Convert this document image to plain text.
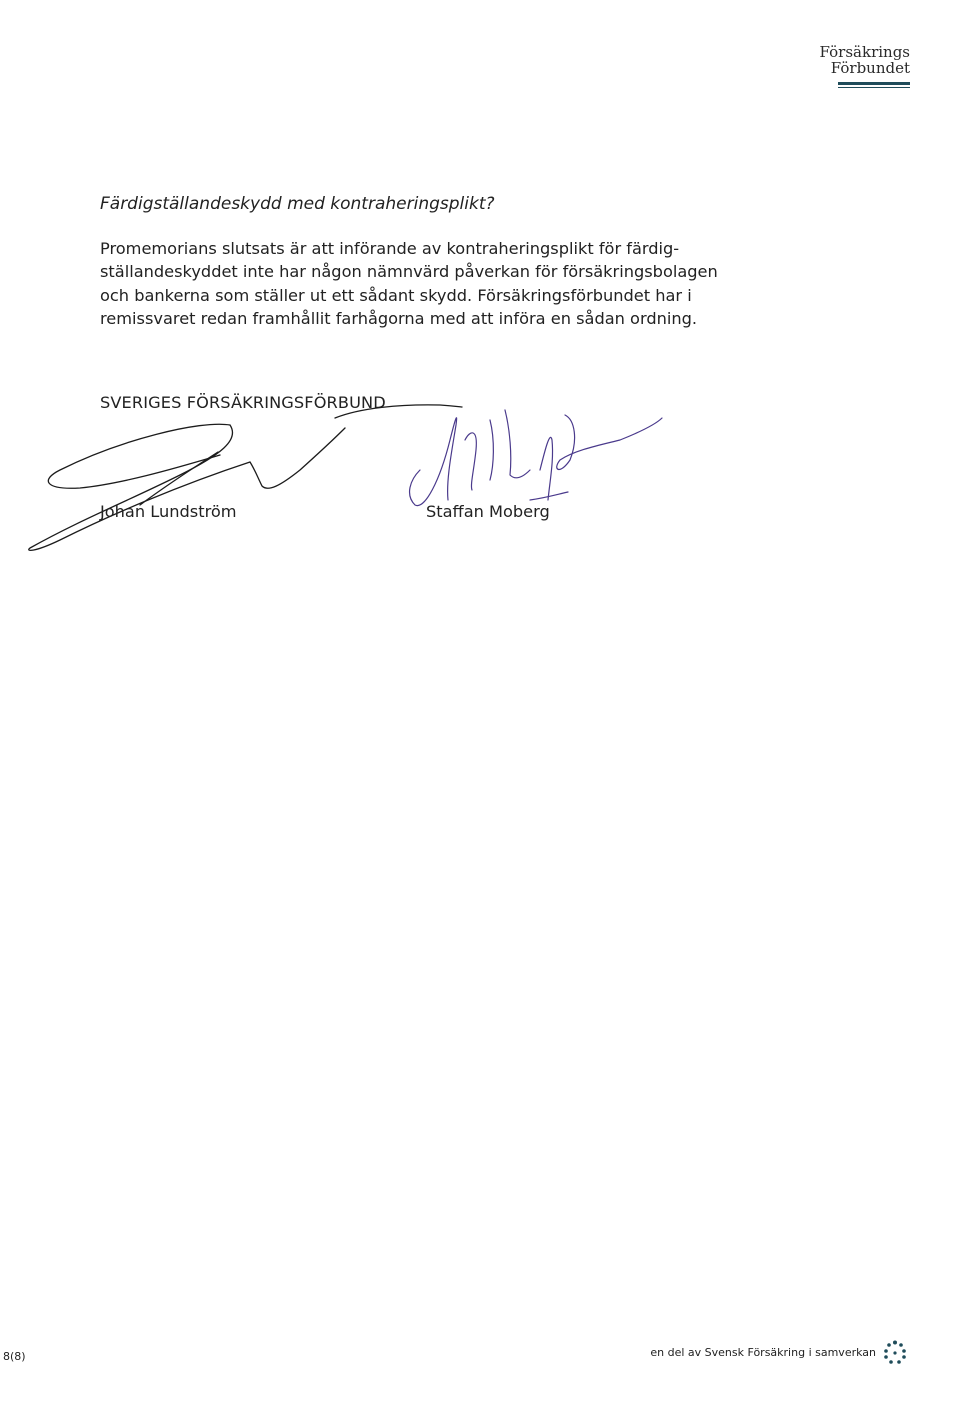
Försäkrings
Förbundet
Färdigställandeskydd med kontraheringsplikt?
Promemorians slutsats är att införande av kontraheringsplikt för färdig-
ställandeskyddet inte har någon nämnvärd påverkan för försäkringsbolagen
och bankerna som ställer ut ett sådant skydd. Försäkringsförbundet har i
remissvaret redan framhållit farhågorna med att införa en sådan ordning.
SVERIGES FÖRSÄKRINGSFÖRBUND
Johan Lundström	Staffan Moberg
8(8)	en del av Svensk Försäkring i samverkan
